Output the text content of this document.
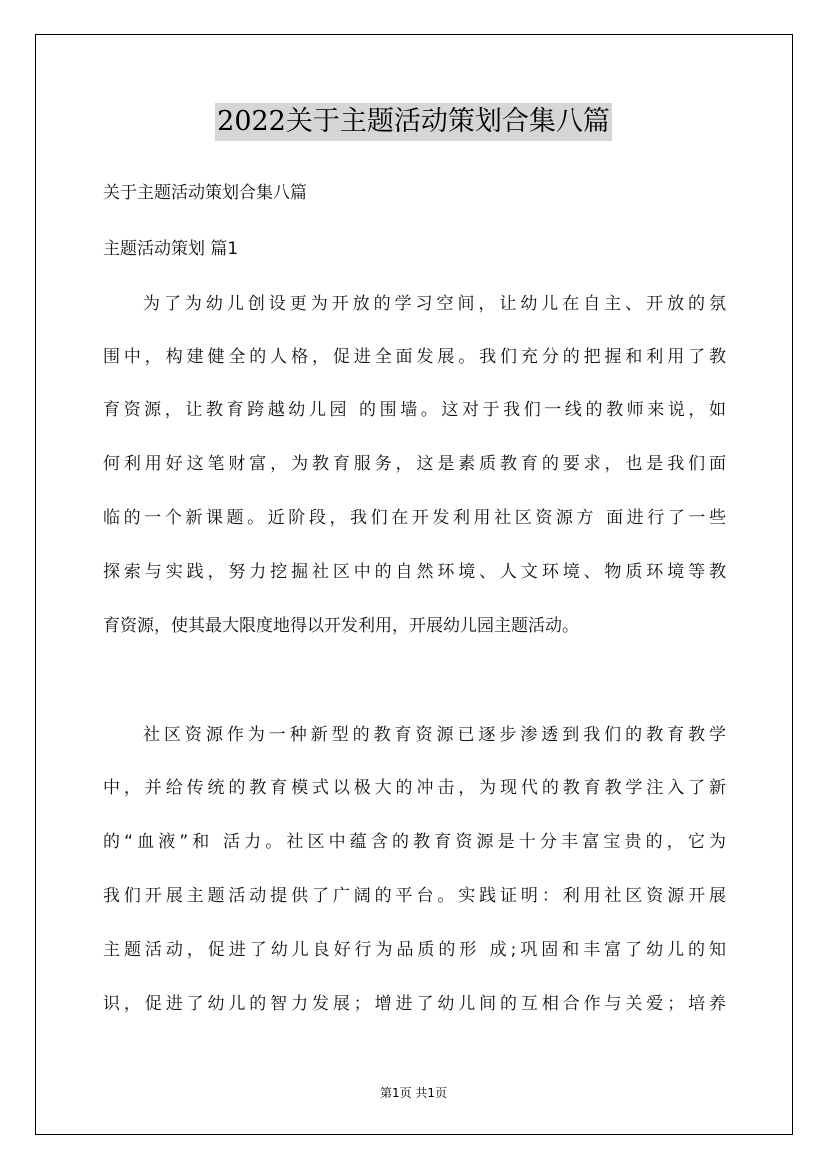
2022关于主题活动策划合集八篇
关于主题活动策划合集八篇
主题活动策划 篇1
为了为幼儿创设更为开放的学习空间，让幼儿在自主、开放的氛
围中，构建健全的人格，促进全面发展。我们充分的把握和利用了教
育资源，让教育跨越幼儿园 的围墙。这对于我们一线的教师来说，如
何利用好这笔财富，为教育服务，这是素质教育的要求，也是我们面
临的一个新课题。近阶段，我们在开发利用社区资源方 面进行了一些
探索与实践，努力挖掘社区中的自然环境、人文环境、物质环境等教
育资源，使其最大限度地得以开发利用，开展幼儿园主题活动。
社区资源作为一种新型的教育资源已逐步渗透到我们的教育教学
中，并给传统的教育模式以极大的冲击，为现代的教育教学注入了新
的“血液”和 活力。社区中蕴含的教育资源是十分丰富宝贵的，它为
我们开展主题活动提供了广阔的平台。实践证明：利用社区资源开展
主题活动，促进了幼儿良好行为品质的形 成;巩固和丰富了幼儿的知
识，促进了幼儿的智力发展；增进了幼儿间的互相合作与关爱；培养
第1页 共1页
